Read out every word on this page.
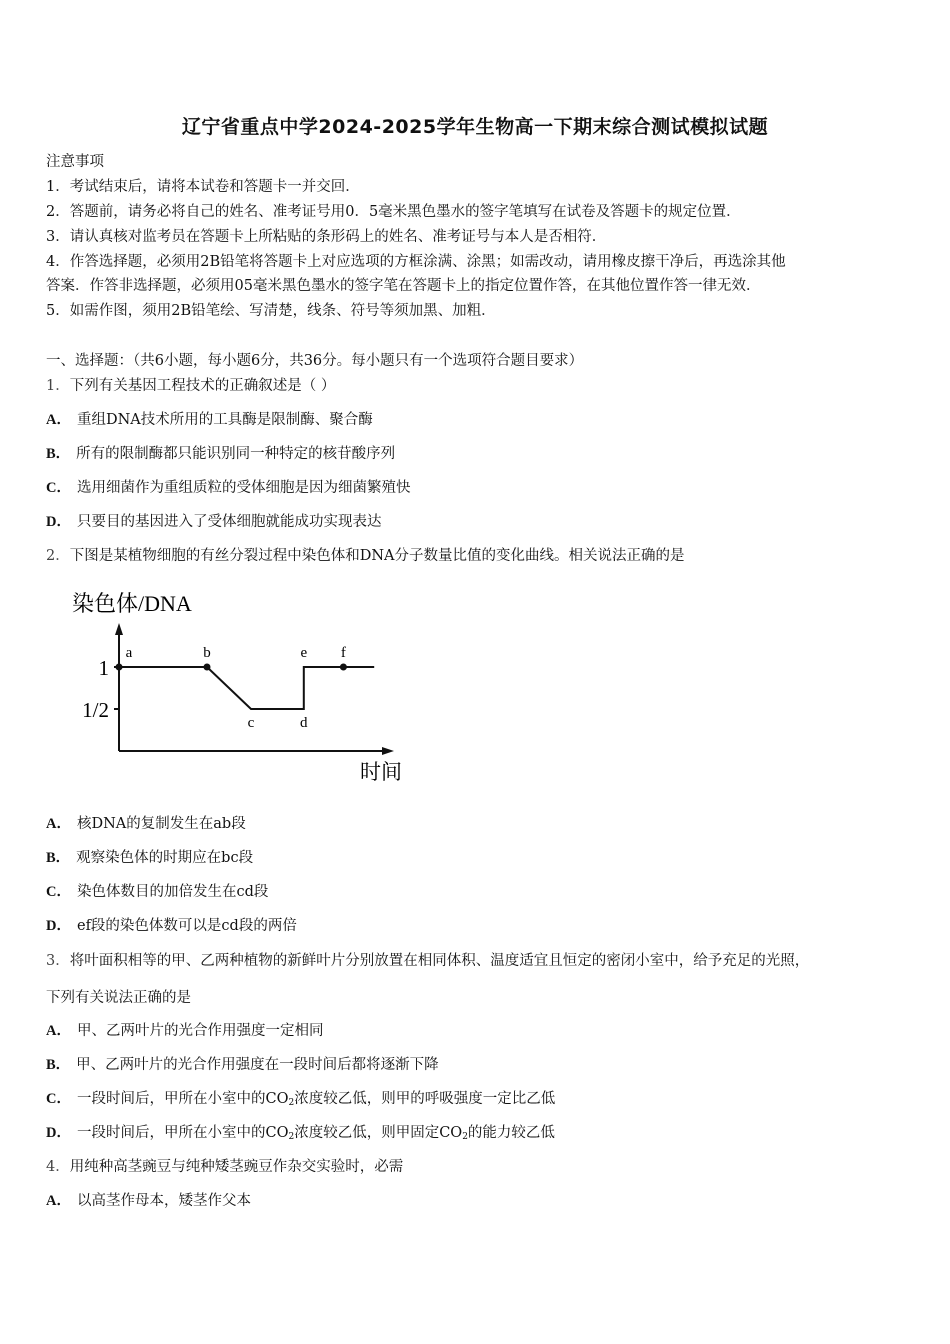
辽宁省重点中学2024-2025学年生物高一下期末综合测试模拟试题
注意事项
1．考试结束后，请将本试卷和答题卡一并交回．
2．答题前，请务必将自己的姓名、准考证号用0．5毫米黑色墨水的签字笔填写在试卷及答题卡的规定位置．
3．请认真核对监考员在答题卡上所粘贴的条形码上的姓名、准考证号与本人是否相符．
4．作答选择题，必须用2B铅笔将答题卡上对应选项的方框涂满、涂黑；如需改动，请用橡皮擦干净后，再选涂其他
答案．作答非选择题，必须用05毫米黑色墨水的签字笔在答题卡上的指定位置作答，在其他位置作答一律无效．
5．如需作图，须用2B铅笔绘、写清楚，线条、符号等须加黑、加粗．
一、选择题：（共6小题，每小题6分，共36分。每小题只有一个选项符合题目要求）
1．下列有关基因工程技术的正确叙述是（ ）
A． 重组DNA技术所用的工具酶是限制酶、聚合酶
B． 所有的限制酶都只能识别同一种特定的核苷酸序列
C． 选用细菌作为重组质粒的受体细胞是因为细菌繁殖快
D． 只要目的基因进入了受体细胞就能成功实现表达
2．下图是某植物细胞的有丝分裂过程中染色体和DNA分子数量比值的变化曲线。相关说法正确的是
染色体/DNA
时间
1
1/2
a	b
c	d
e f
A． 核DNA的复制发生在ab段
B． 观察染色体的时期应在bc段
C． 染色体数目的加倍发生在cd段
D． ef段的染色体数可以是cd段的两倍
3．将叶面积相等的甲、乙两种植物的新鲜叶片分别放置在相同体积、温度适宜且恒定的密闭小室中，给予充足的光照，
下列有关说法正确的是
A． 甲、乙两叶片的光合作用强度一定相同
B． 甲、乙两叶片的光合作用强度在一段时间后都将逐渐下降
C． 一段时间后，甲所在小室中的$CO_2$浓度较乙低，则甲的呼吸强度一定比乙低
D． 一段时间后，甲所在小室中的$CO_2$浓度较乙低，则甲固定$CO_2$的能力较乙低
4．用纯种高茎豌豆与纯种矮茎豌豆作杂交实验时，必需
A． 以高茎作母本，矮茎作父本
